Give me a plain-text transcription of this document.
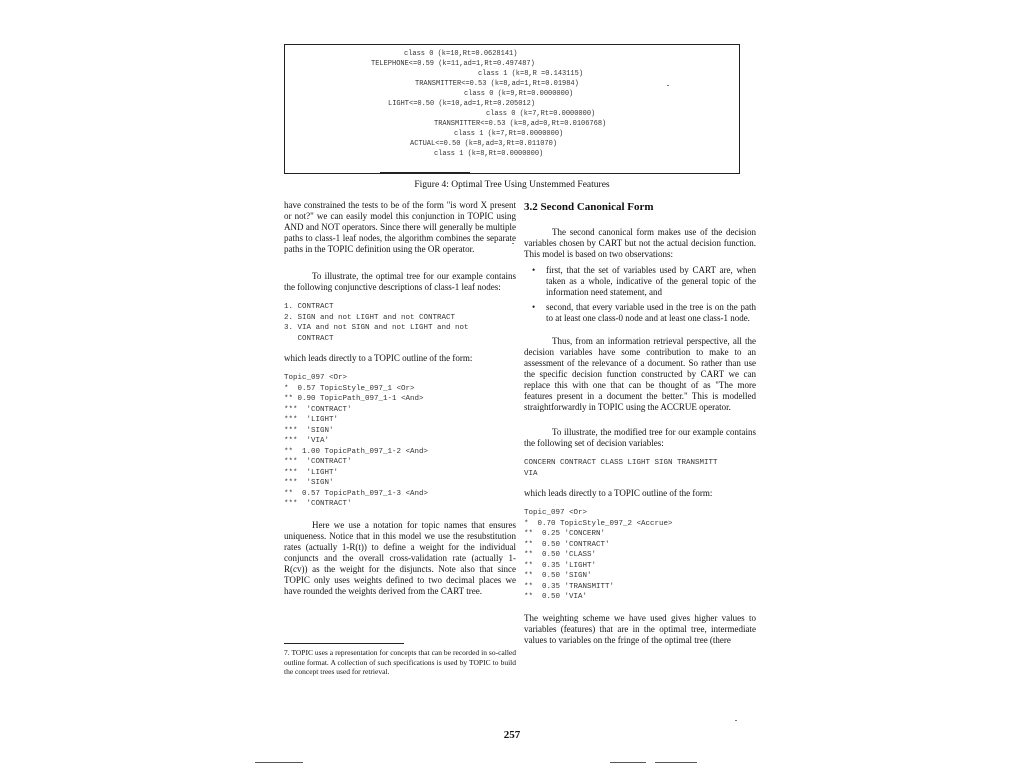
class 0 (k=10,Rt=0.0628141)
TELEPHONE<=0.59 (k=11,ad=1,Rt=0.497487)
class 1 (k=8,R =0.143115)
TRANSMITTER<=0.53 (k=8,ad=1,Rt=0.01984)
class 0 (k=9,Rt=0.0000000)
LIGHT<=0.50 (k=10,ad=1,Rt=0.205012)
class 0 (k=7,Rt=0.0000000)
TRANSMITTER<=0.53 (k=8,ad=0,Rt=0.0106768)
class 1 (k=7,Rt=0.0000000)
ACTUAL<=0.50 (k=8,ad=3,Rt=0.011070)
class 1 (k=8,Rt=0.0000000)
Figure 4: Optimal Tree Using Unstemmed Features

have constrained the tests to be of the form "is word X present or not?" we can easily model this conjunction in TOPIC using AND and NOT operators. Since there will generally be multiple paths to class-1 leaf nodes, the algorithm combines the separate paths in the TOPIC definition using the OR operator.

To illustrate, the optimal tree for our example contains the following conjunctive descriptions of class-1 leaf nodes:

1. CONTRACT

2. SIGN and not LIGHT and not CONTRACT

3. VIA and not SIGN and not LIGHT and not

CONTRACT

which leads directly to a TOPIC outline of the form:

Topic_097 <Or>

*  0.57 TopicStyle_097_1 <Or>

** 0.90 TopicPath_097_1-1 <And>

***  'CONTRACT'

***  'LIGHT'

***  'SIGN'

***  'VIA'

**  1.00 TopicPath_097_1-2 <And>

***  'CONTRACT'

***  'LIGHT'

***  'SIGN'

**  0.57 TopicPath_097_1-3 <And>

***  'CONTRACT'

Here we use a notation for topic names that ensures uniqueness. Notice that in this model we use the resubstitution rates (actually 1-R(t)) to define a weight for the individual conjuncts and the overall cross-validation rate (actually 1-R(cv)) as the weight for the disjuncts. Note also that since TOPIC only uses weights defined to two decimal places we have rounded the weights derived from the CART tree.

7. TOPIC uses a representation for concepts that can be recorded in so-called outline format. A collection of such specifications is used by TOPIC to build the concept trees used for retrieval.

3.2 Second Canonical Form

The second canonical form makes use of the decision variables chosen by CART but not the actual decision function. This model is based on two observations:

• first, that the set of variables used by CART are, when taken as a whole, indicative of the general topic of the information need statement, and
• second, that every variable used in the tree is on the path to at least one class-0 node and at least one class-1 node.

Thus, from an information retrieval perspective, all the decision variables have some contribution to make to an assessment of the relevance of a document. So rather than use the specific decision function constructed by CART we can replace this with one that can be thought of as "The more features present in a document the better." This is modelled straightforwardly in TOPIC using the ACCRUE operator.

To illustrate, the modified tree for our example contains the following set of decision variables:

CONCERN CONTRACT CLASS LIGHT SIGN TRANSMITT

VIA

which leads directly to a TOPIC outline of the form:

Topic_097 <Or>

*  0.70 TopicStyle_097_2 <Accrue>

**  0.25 'CONCERN'

**  0.50 'CONTRACT'

**  0.50 'CLASS'

**  0.35 'LIGHT'

**  0.50 'SIGN'

**  0.35 'TRANSMITT'

**  0.50 'VIA'

The weighting scheme we have used gives higher values to variables (features) that are in the optimal tree, intermediate values to variables on the fringe of the optimal tree (there

257
